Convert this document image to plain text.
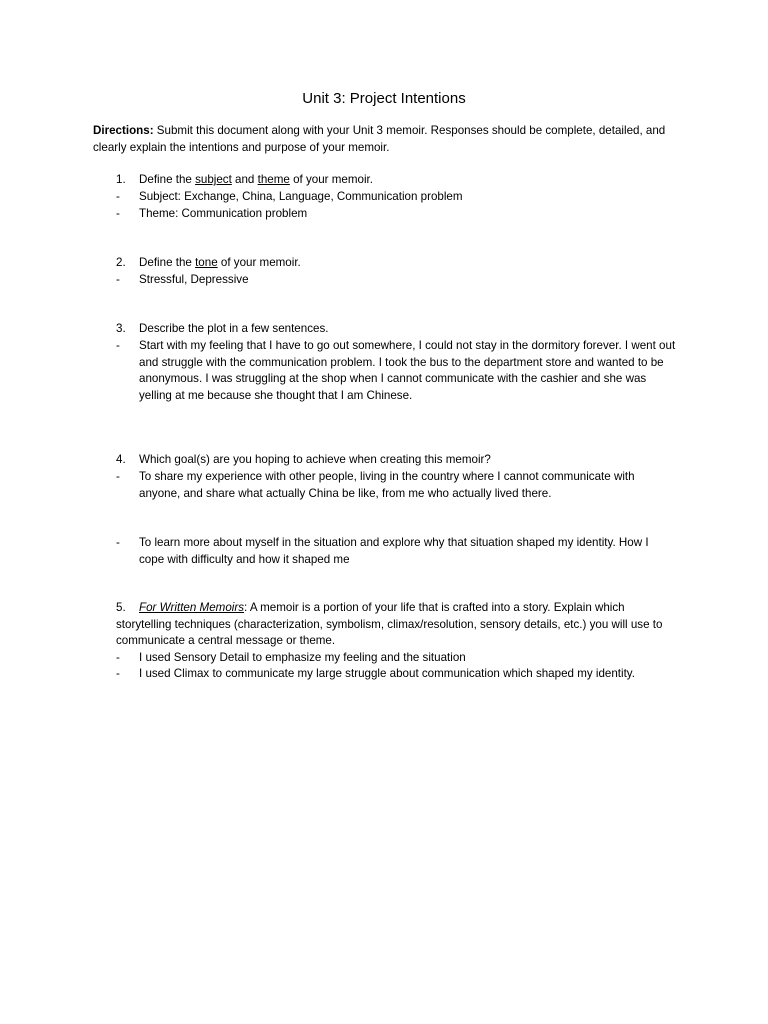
Unit 3: Project Intentions
Directions: Submit this document along with your Unit 3 memoir. Responses should be complete, detailed, and clearly explain the intentions and purpose of your memoir.
1. Define the subject and theme of your memoir.
- Subject: Exchange, China, Language, Communication problem
- Theme: Communication problem
2. Define the tone of your memoir.
- Stressful, Depressive
3. Describe the plot in a few sentences.
- Start with my feeling that I have to go out somewhere, I could not stay in the dormitory forever. I went out and struggle with the communication problem. I took the bus to the department store and wanted to be anonymous. I was struggling at the shop when I cannot communicate with the cashier and she was yelling at me because she thought that I am Chinese.
4. Which goal(s) are you hoping to achieve when creating this memoir?
- To share my experience with other people, living in the country where I cannot communicate with anyone, and share what actually China be like, from me who actually lived there.
- To learn more about myself in the situation and explore why that situation shaped my identity. How I cope with difficulty and how it shaped me
5. For Written Memoirs: A memoir is a portion of your life that is crafted into a story. Explain which storytelling techniques (characterization, symbolism, climax/resolution, sensory details, etc.) you will use to communicate a central message or theme.
- I used Sensory Detail to emphasize my feeling and the situation
- I used Climax to communicate my large struggle about communication which shaped my identity.
